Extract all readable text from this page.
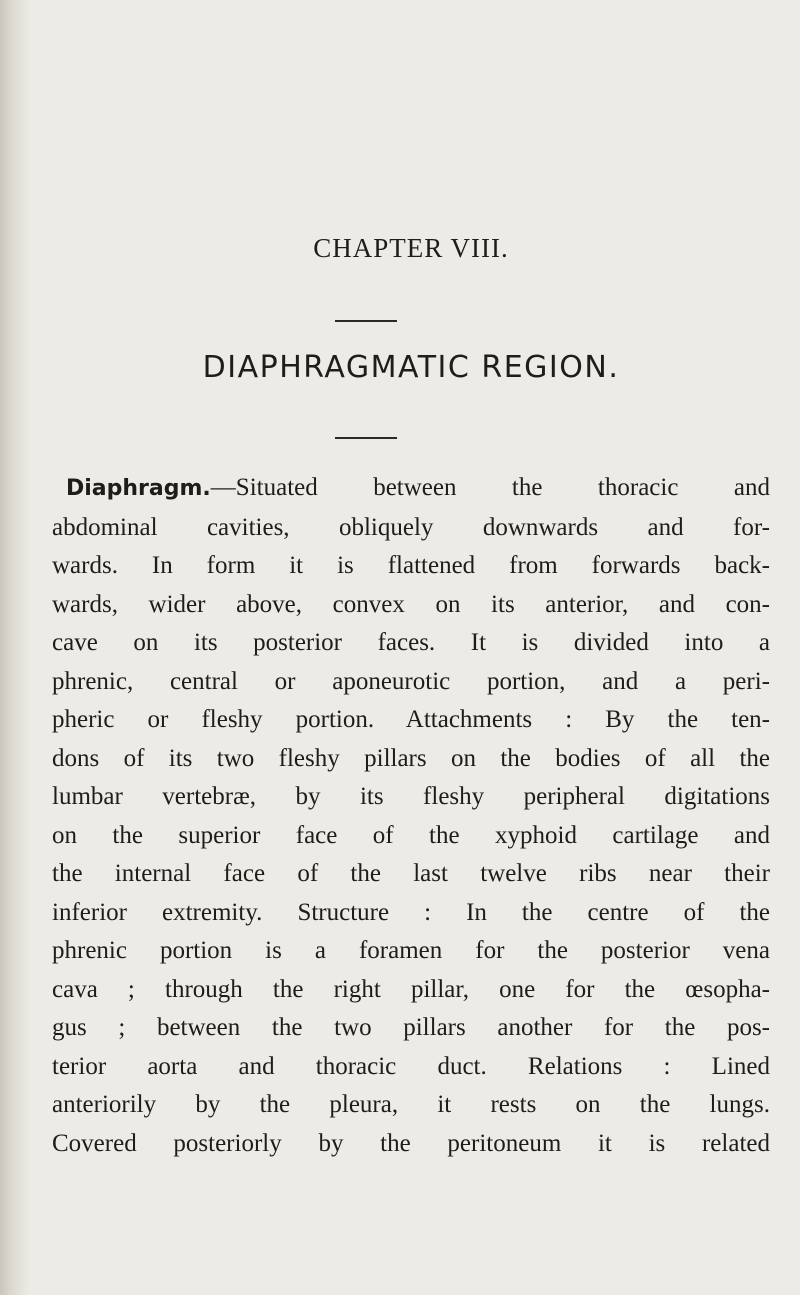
CHAPTER VIII.
DIAPHRAGMATIC REGION.
Diaphragm.—Situated between the thoracic and
abdominal cavities, obliquely downwards and for-
wards. In form it is flattened from forwards back-
wards, wider above, convex on its anterior, and con-
cave on its posterior faces. It is divided into a
phrenic, central or aponeurotic portion, and a peri-
pheric or fleshy portion. Attachments : By the ten-
dons of its two fleshy pillars on the bodies of all the
lumbar vertebræ, by its fleshy peripheral digitations
on the superior face of the xyphoid cartilage and
the internal face of the last twelve ribs near their
inferior extremity. Structure : In the centre of the
phrenic portion is a foramen for the posterior vena
cava ; through the right pillar, one for the œsopha-
gus ; between the two pillars another for the pos-
terior aorta and thoracic duct. Relations : Lined
anteriorily by the pleura, it rests on the lungs.
Covered posteriorly by the peritoneum it is related
